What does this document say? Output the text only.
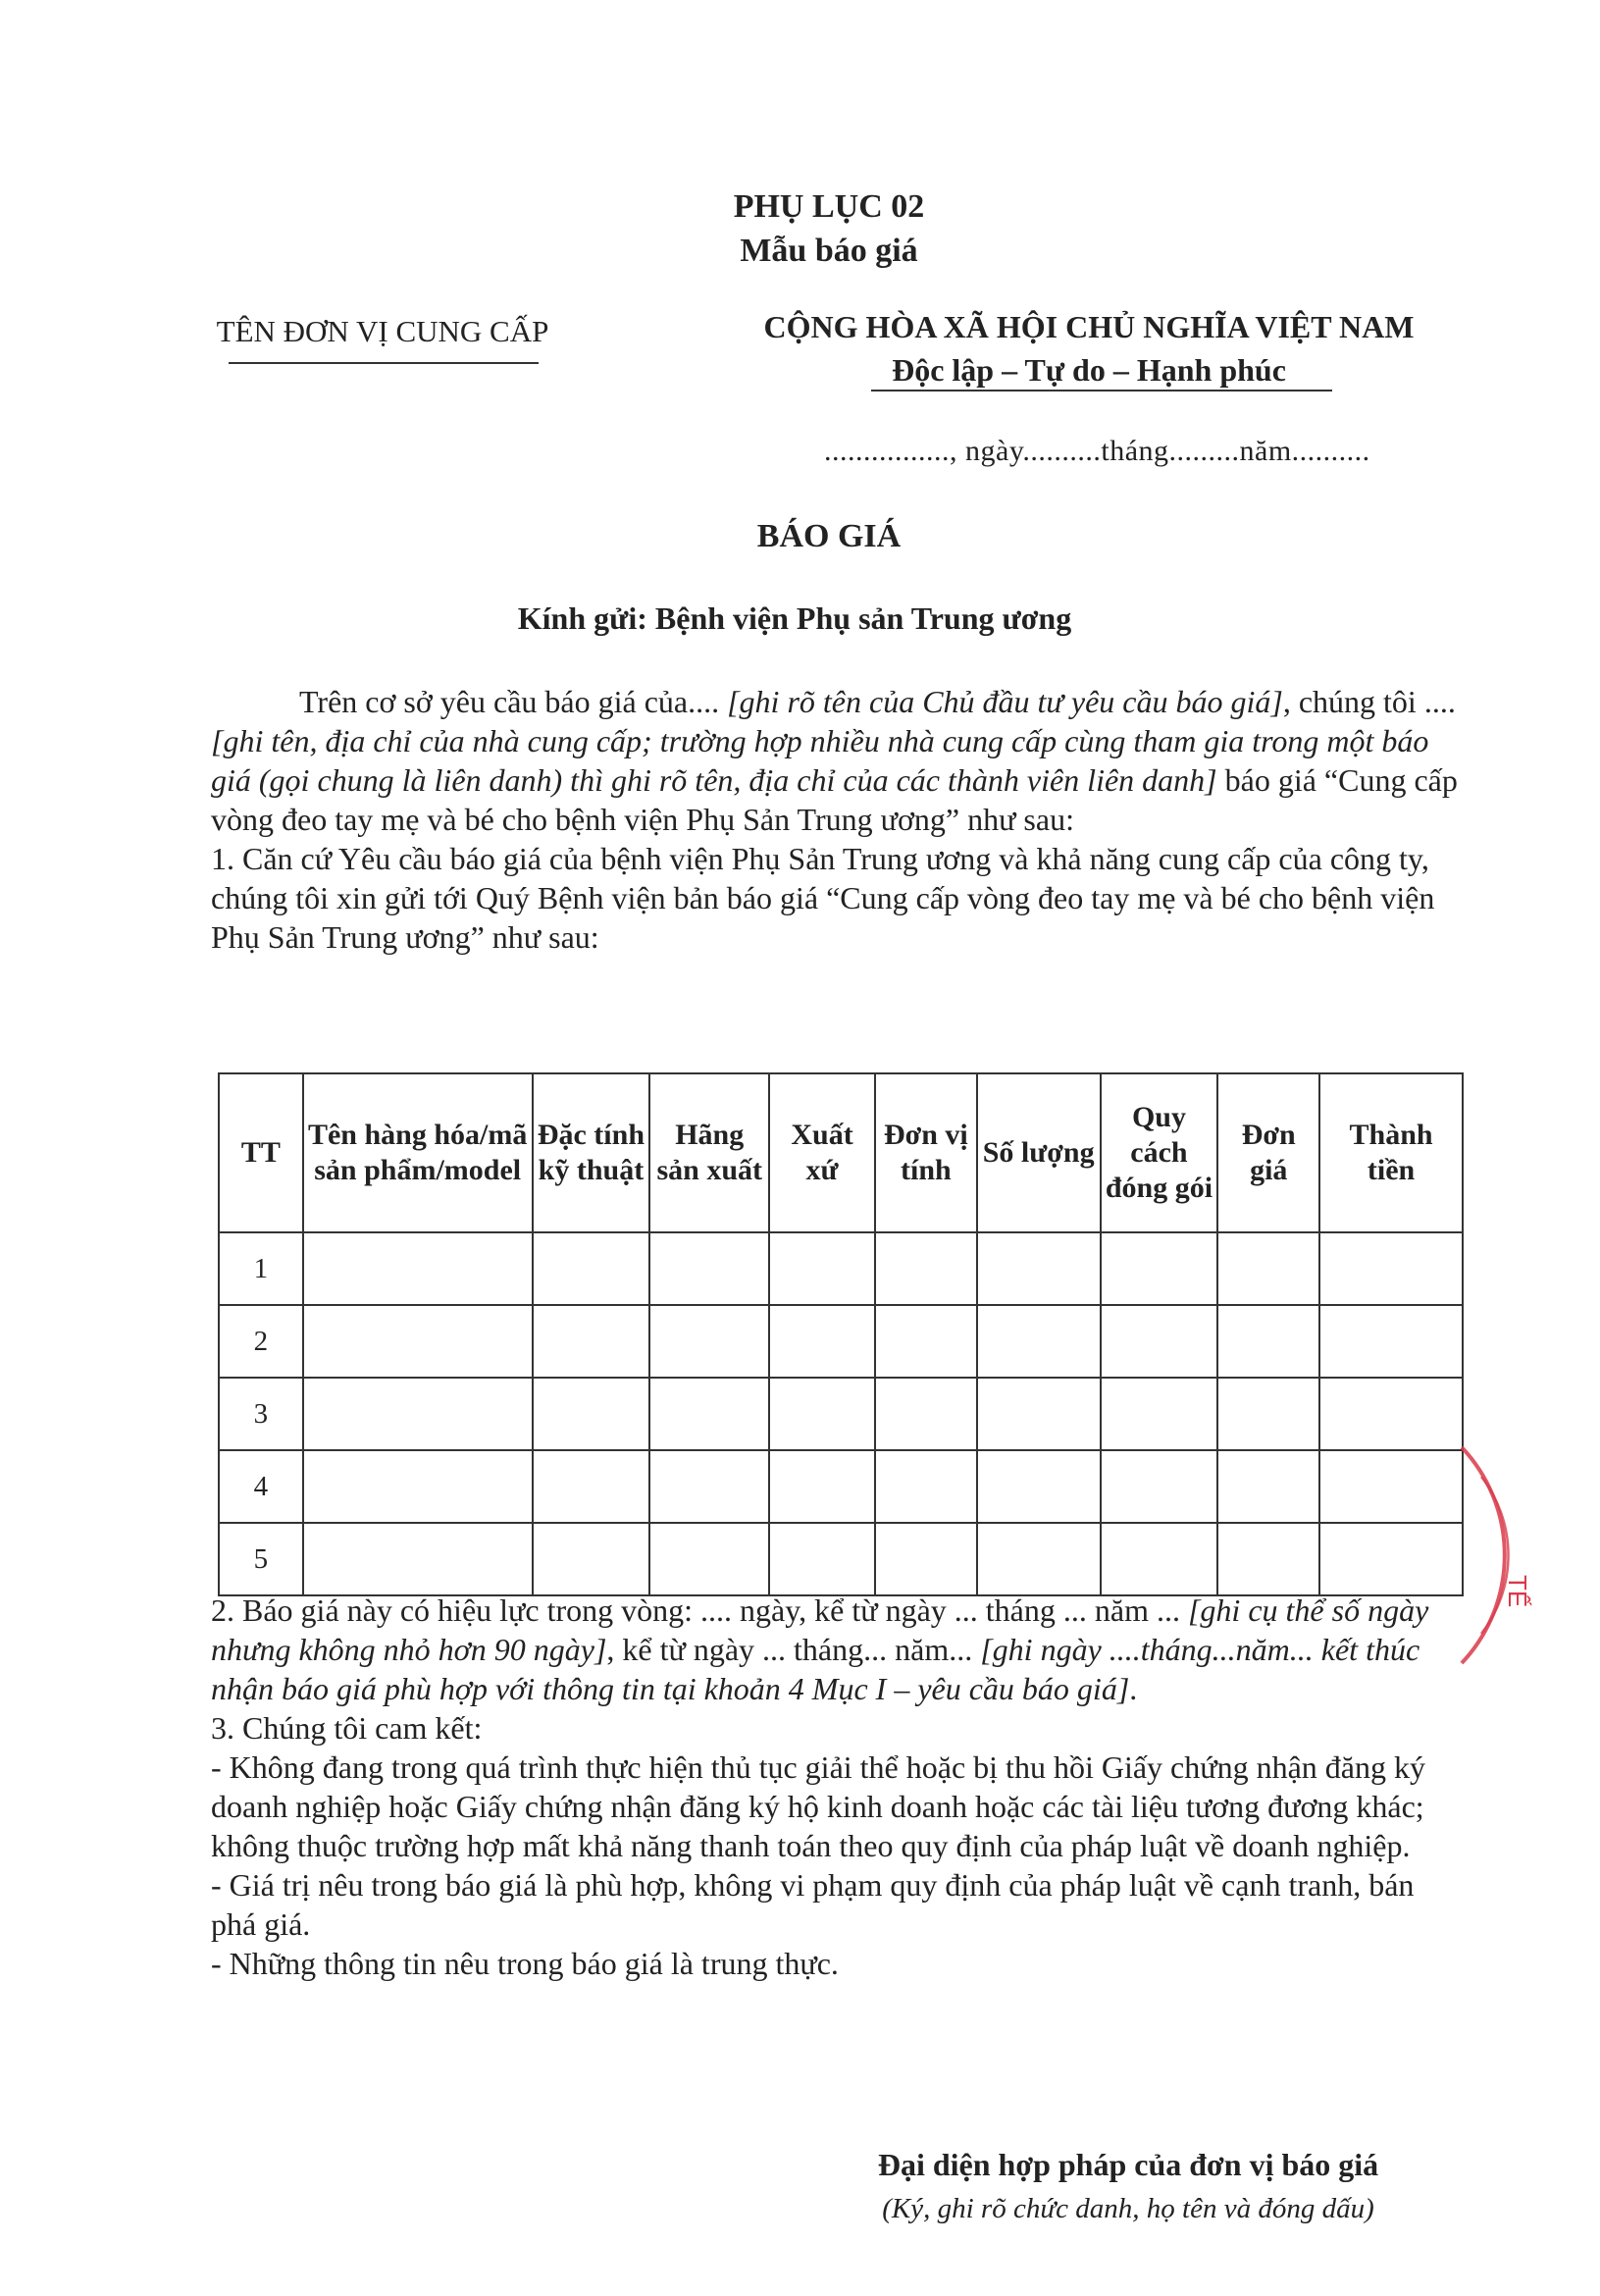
PHỤ LỤC 02
Mẫu báo giá
TÊN ĐƠN VỊ CUNG CẤP	CỘNG HÒA XÃ HỘI CHỦ NGHĨA VIỆT NAM
Độc lập – Tự do – Hạnh phúc
................, ngày..........tháng.........năm..........
BÁO GIÁ
Kính gửi: Bệnh viện Phụ sản Trung ương

Trên cơ sở yêu cầu báo giá của.... [ghi rõ tên của Chủ đầu tư yêu cầu báo giá], chúng tôi .... [ghi tên, địa chỉ của nhà cung cấp; trường hợp nhiều nhà cung cấp cùng tham gia trong một báo giá (gọi chung là liên danh) thì ghi rõ tên, địa chỉ của các thành viên liên danh] báo giá “Cung cấp vòng đeo tay mẹ và bé cho bệnh viện Phụ Sản Trung ương” như sau:

1. Căn cứ Yêu cầu báo giá của bệnh viện Phụ Sản Trung ương và khả năng cung cấp của công ty, chúng tôi xin gửi tới Quý Bệnh viện bản báo giá “Cung cấp vòng đeo tay mẹ và bé cho bệnh viện Phụ Sản Trung ương” như sau:

TT	Tên hàng hóa/mã sản phẩm/model	Đặc tính kỹ thuật	Hãng sản xuất	Xuất xứ	Đơn vị tính	Số lượng	Quy cách đóng gói	Đơn giá	Thành tiền
1									
2									
3									
4									
5									

2. Báo giá này có hiệu lực trong vòng: .... ngày, kể từ ngày ... tháng ... năm ... [ghi cụ thể số ngày nhưng không nhỏ hơn 90 ngày], kể từ ngày ... tháng... năm... [ghi ngày ....tháng...năm... kết thúc nhận báo giá phù hợp với thông tin tại khoản 4 Mục I – yêu cầu báo giá].

3. Chúng tôi cam kết:

- Không đang trong quá trình thực hiện thủ tục giải thể hoặc bị thu hồi Giấy chứng nhận đăng ký doanh nghiệp hoặc Giấy chứng nhận đăng ký hộ kinh doanh hoặc các tài liệu tương đương khác; không thuộc trường hợp mất khả năng thanh toán theo quy định của pháp luật về doanh nghiệp.

- Giá trị nêu trong báo giá là phù hợp, không vi phạm quy định của pháp luật về cạnh tranh, bán phá giá.

- Những thông tin nêu trong báo giá là trung thực.

Đại diện hợp pháp của đơn vị báo giá
(Ký, ghi rõ chức danh, họ tên và đóng dấu)
TẾ
